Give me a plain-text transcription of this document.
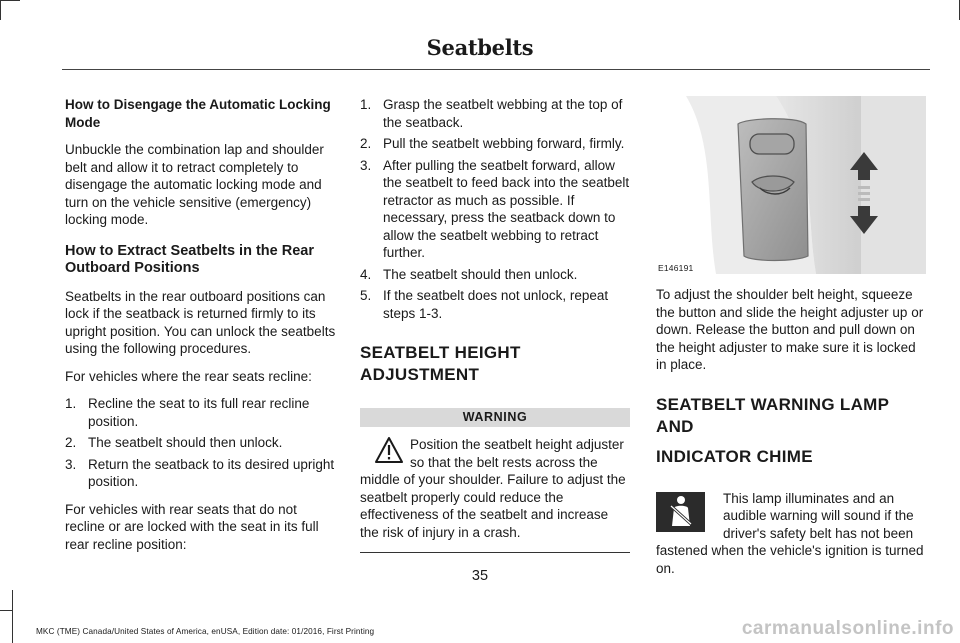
Seatbelts

How to Disengage the Automatic Locking Mode

Unbuckle the combination lap and shoulder belt and allow it to retract completely to disengage the automatic locking mode and turn on the vehicle sensitive (emergency) locking mode.

How to Extract Seatbelts in the Rear Outboard Positions

Seatbelts in the rear outboard positions can lock if the seatback is returned firmly to its upright position. You can unlock the seatbelts using the following procedures.

For vehicles where the rear seats recline:

1. Recline the seat to its full rear recline position.
2. The seatbelt should then unlock.
3. Return the seatback to its desired upright position.

For vehicles with rear seats that do not recline or are locked with the seat in its full rear recline position:

1. Grasp the seatbelt webbing at the top of the seatback.
2. Pull the seatbelt webbing forward, firmly.
3. After pulling the seatbelt forward, allow the seatbelt to feed back into the seatbelt retractor as much as possible. If necessary, press the seatback down to allow the seatbelt webbing to retract further.
4. The seatbelt should then unlock.
5. If the seatbelt does not unlock, repeat steps 1-3.

SEATBELT HEIGHT ADJUSTMENT

WARNING
Position the seatbelt height adjuster so that the belt rests across the middle of your shoulder. Failure to adjust the seatbelt properly could reduce the effectiveness of the seatbelt and increase the risk of injury in a crash.
E146191

To adjust the shoulder belt height, squeeze the button and slide the height adjuster up or down. Release the button and pull down on the height adjuster to make sure it is locked in place.

SEATBELT WARNING LAMP AND

INDICATOR CHIME

This lamp illuminates and an audible warning will sound if the driver's safety belt has not been fastened when the vehicle's ignition is turned on.
35
MKC (TME) Canada/United States of America, enUSA, Edition date: 01/2016, First Printing	carmanualsonline.info
